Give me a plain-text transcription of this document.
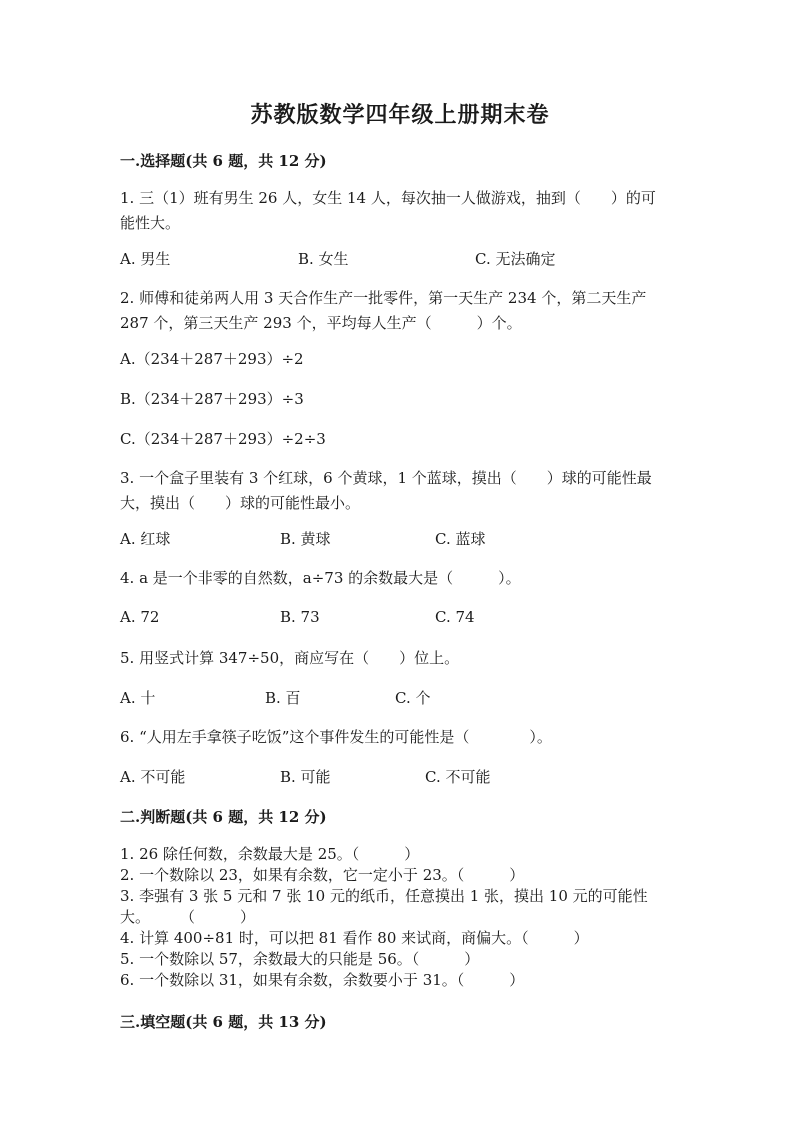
苏教版数学四年级上册期末卷
一.选择题(共 6 题，共 12 分)
1. 三（1）班有男生 26 人，女生 14 人，每次抽一人做游戏，抽到（　　）的可
能性大。
A. 男生	B. 女生	C. 无法确定
2. 师傅和徒弟两人用 3 天合作生产一批零件，第一天生产 234 个，第二天生产
287 个，第三天生产 293 个，平均每人生产（　　　）个。
A.（234＋287＋293）÷2
B.（234＋287＋293）÷3
C.（234＋287＋293）÷2÷3
3. 一个盒子里装有 3 个红球，6 个黄球，1 个蓝球，摸出（　　）球的可能性最
大，摸出（　　）球的可能性最小。
A. 红球	B. 黄球	C. 蓝球
4. a 是一个非零的自然数，a÷73 的余数最大是（　　　）。
A. 72	B. 73	C. 74
5. 用竖式计算 347÷50，商应写在（　　）位上。
A. 十	B. 百	C. 个
6. “人用左手拿筷子吃饭”这个事件发生的可能性是（　　　　）。
A. 不可能	B. 可能	C. 不可能
二.判断题(共 6 题，共 12 分)
1. 26 除任何数，余数最大是 25。（　　　）
2. 一个数除以 23，如果有余数，它一定小于 23。（　　　）
3. 李强有 3 张 5 元和 7 张 10 元的纸币，任意摸出 1 张，摸出 10 元的可能性
大。　　　（　　　）
4. 计算 400÷81 时，可以把 81 看作 80 来试商，商偏大。（　　　）
5. 一个数除以 57，余数最大的只能是 56。（　　　）
6. 一个数除以 31，如果有余数，余数要小于 31。（　　　）
三.填空题(共 6 题，共 13 分)
